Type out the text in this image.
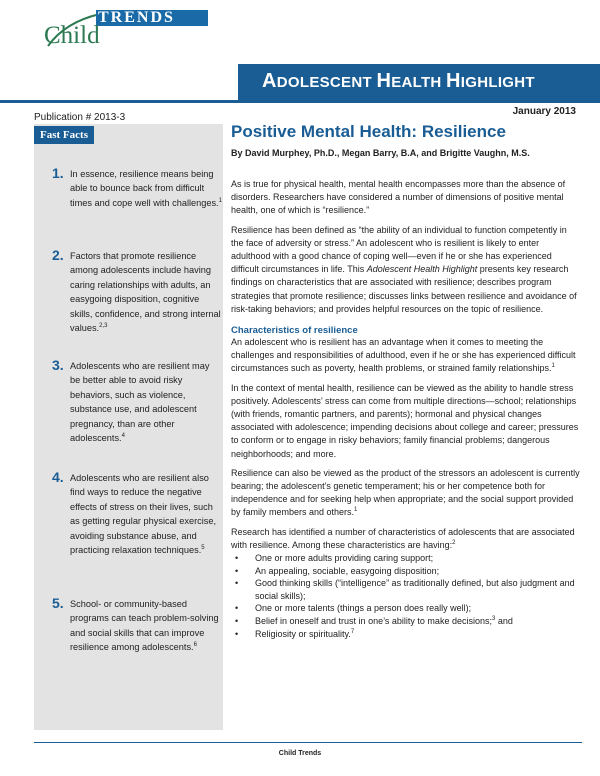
TRENDS
Child
ADOLESCENT HEALTH HIGHLIGHT
Publication # 2013-3
January 2013
Fast Facts
1. In essence, resilience means being able to bounce back from difficult times and cope well with challenges.$^1$
2. Factors that promote resilience among adolescents include having caring relationships with adults, an easygoing disposition, cognitive skills, confidence, and strong internal values.$^{2,3}$
3. Adolescents who are resilient may be better able to avoid risky behaviors, such as violence, substance use, and adolescent pregnancy, than are other adolescents.$^4$
4. Adolescents who are resilient also find ways to reduce the negative effects of stress on their lives, such as getting regular physical exercise, avoiding substance abuse, and practicing relaxation techniques.$^5$
5. School- or community-based programs can teach problem-solving and social skills that can improve resilience among adolescents.$^6$
Positive Mental Health: Resilience
By David Murphey, Ph.D., Megan Barry, B.A, and Brigitte Vaughn, M.S.

As is true for physical health, mental health encompasses more than the absence of disorders. Researchers have considered a number of dimensions of positive mental health, one of which is “resilience.”

Resilience has been defined as “the ability of an individual to function competently in the face of adversity or stress.” An adolescent who is resilient is likely to enter adulthood with a good chance of coping well—even if he or she has experienced difficult circumstances in life. This Adolescent Health Highlight presents key research findings on characteristics that are associated with resilience; describes program strategies that promote resilience; discusses links between resilience and avoidance of risk-taking behaviors; and provides helpful resources on the topic of resilience.

Characteristics of resilience

An adolescent who is resilient has an advantage when it comes to meeting the challenges and responsibilities of adulthood, even if he or she has experienced difficult circumstances such as poverty, health problems, or strained family relationships.$^1$

In the context of mental health, resilience can be viewed as the ability to handle stress positively. Adolescents’ stress can come from multiple directions—school; relationships (with friends, romantic partners, and parents); hormonal and physical changes associated with adolescence; impending decisions about college and career; pressures to conform or to engage in risky behaviors; family financial problems; dangerous neighborhoods; and more.

Resilience can also be viewed as the product of the stressors an adolescent is currently bearing; the adolescent’s genetic temperament; his or her competence both for independence and for seeking help when appropriate; and the social support provided by family members and others.$^1$

Research has identified a number of characteristics of adolescents that are associated with resilience. Among these characteristics are having:$^2$

• One or more adults providing caring support;
• An appealing, sociable, easygoing disposition;
• Good thinking skills (“intelligence” as traditionally defined, but also judgment and social skills);
• One or more talents (things a person does really well);
• Belief in oneself and trust in one’s ability to make decisions;$^3$ and
• Religiosity or spirituality.$^7$
Child Trends
